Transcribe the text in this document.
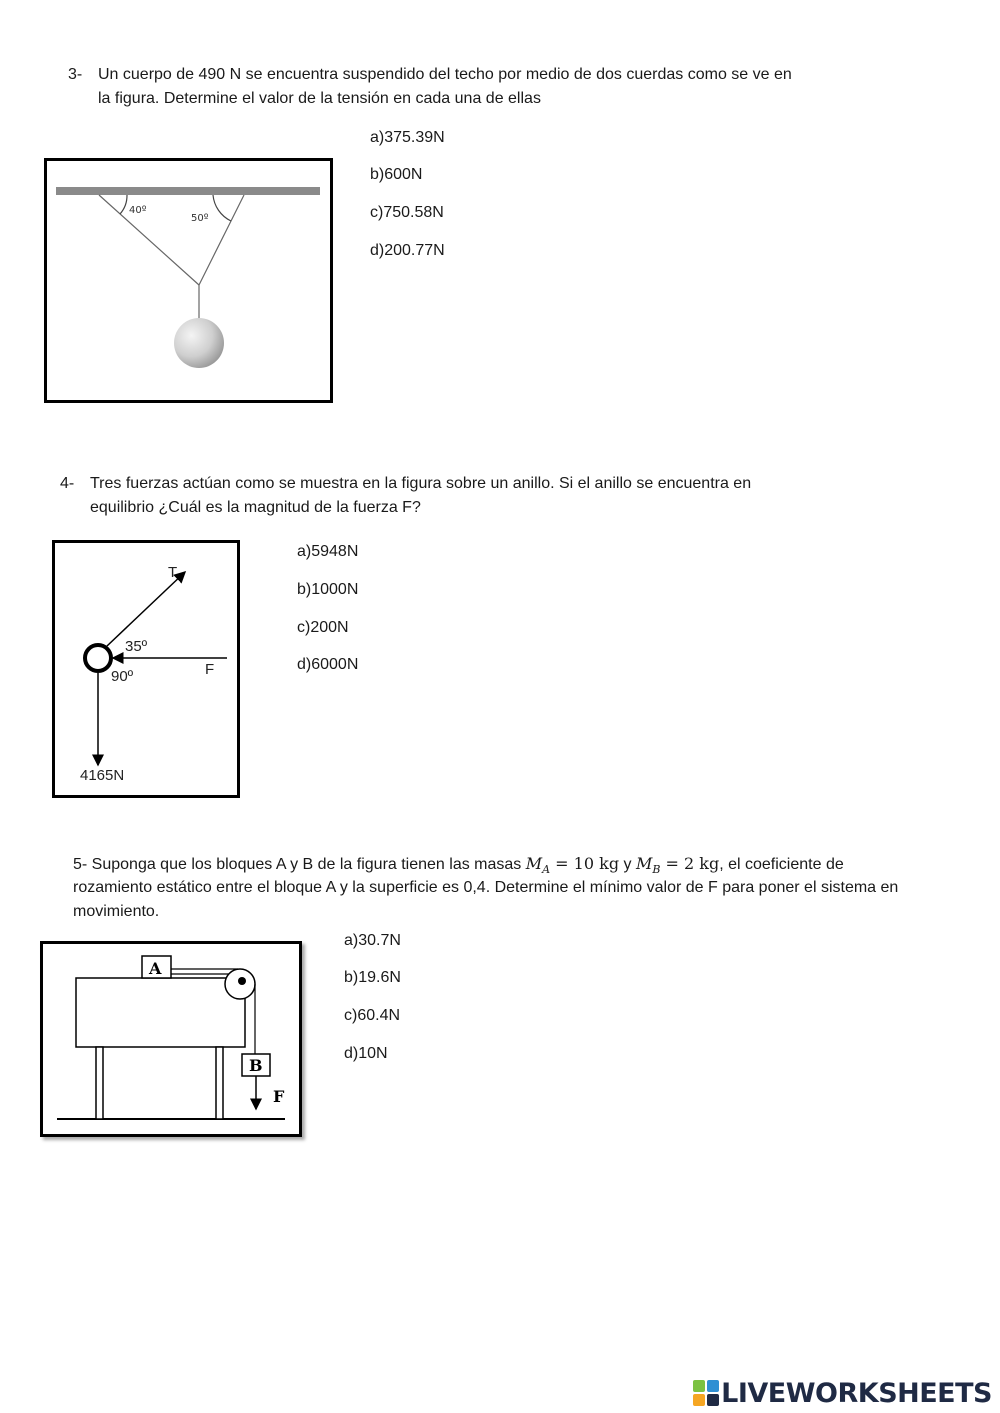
3- Un cuerpo de 490 N se encuentra suspendido del techo por medio de dos cuerdas como se ve en
la figura. Determine el valor de la tensión en cada una de ellas
40º
50º
a)375.39N
b)600N
c)750.58N
d)200.77N
4- Tres fuerzas actúan como se muestra en la figura sobre un anillo. Si el anillo se encuentra en
equilibrio ¿Cuál es la magnitud de la fuerza F?
T
F
35º
90º
4165N
a)5948N
b)1000N
c)200N
d)6000N
5- Suponga que los bloques A y B de la figura tienen las masas $M_A = 10$ kg y $M_B = 2$ kg, el coeficiente de
rozamiento estático entre el bloque A y la superficie es 0,4. Determine el mínimo valor de F para poner el sistema en
movimiento.
A
B
F
a)30.7N
b)19.6N
c)60.4N
d)10N
LIVEWORKSHEETS
